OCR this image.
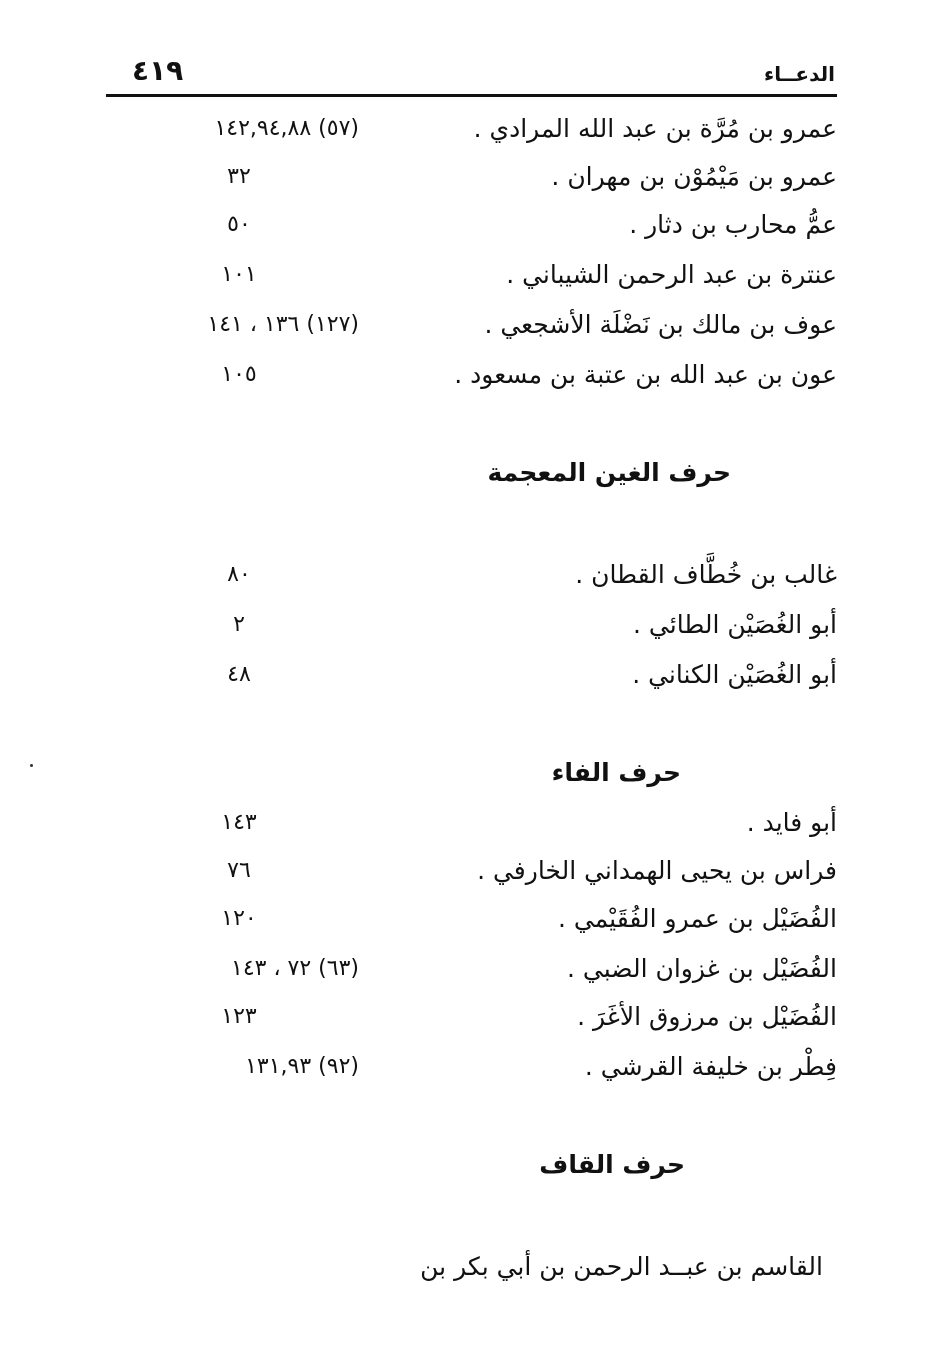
الدعــاء
٤١٩
عمرو بن مُرَّة بن عبد الله المرادي .
(٥٧) ١٤٢,٩٤,٨٨
عمرو بن مَيْمُوْن بن مهران .
٣٢
عمُّ محارب بن دثار .
٥٠
عنترة بن عبد الرحمن الشيباني .
١٠١
عوف بن مالك بن نَضْلَة الأشجعي .
(١٢٧) ١٣٦ ، ١٤١
عون بن عبد الله بن عتبة بن مسعود .
١٠٥
حرف الغين المعجمة
غالب بن خُطَّاف القطان .
٨٠
أبو الغُصَيْن الطائي .
٢
أبو الغُصَيْن الكناني .
٤٨
حرف الفاء
أبو فايد .
١٤٣
فراس بن يحيى الهمداني الخارفي .
٧٦
الفُضَيْل بن عمرو الفُقَيْمي .
١٢٠
الفُضَيْل بن غزوان الضبي .
(٦٣) ٧٢ ، ١٤٣
الفُضَيْل بن مرزوق الأغَرَ .
١٢٣
فِطْر بن خليفة القرشي .
(٩٢) ١٣١,٩٣
حرف القاف
القاسم بن عبــد الرحمن بن أبي بكر بن
